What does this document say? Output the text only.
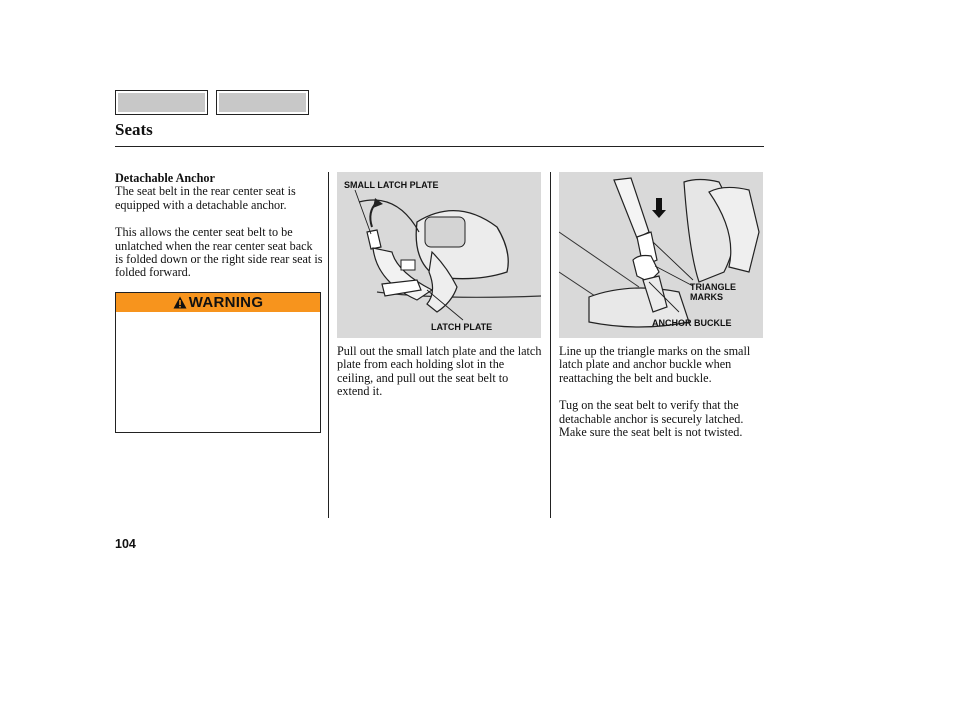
Seats

Detachable Anchor
The seat belt in the rear center seat is equipped with a detachable anchor.

This allows the center seat belt to be unlatched when the rear center seat back is folded down or the right side rear seat is folded forward.

WARNING
SMALL LATCH PLATE
LATCH PLATE
TRIANGLE
MARKS
ANCHOR BUCKLE

Pull out the small latch plate and the latch plate from each holding slot in the ceiling, and pull out the seat belt to extend it.

Line up the triangle marks on the small latch plate and anchor buckle when reattaching the belt and buckle.

Tug on the seat belt to verify that the detachable anchor is securely latched. Make sure the seat belt is not twisted.

104
